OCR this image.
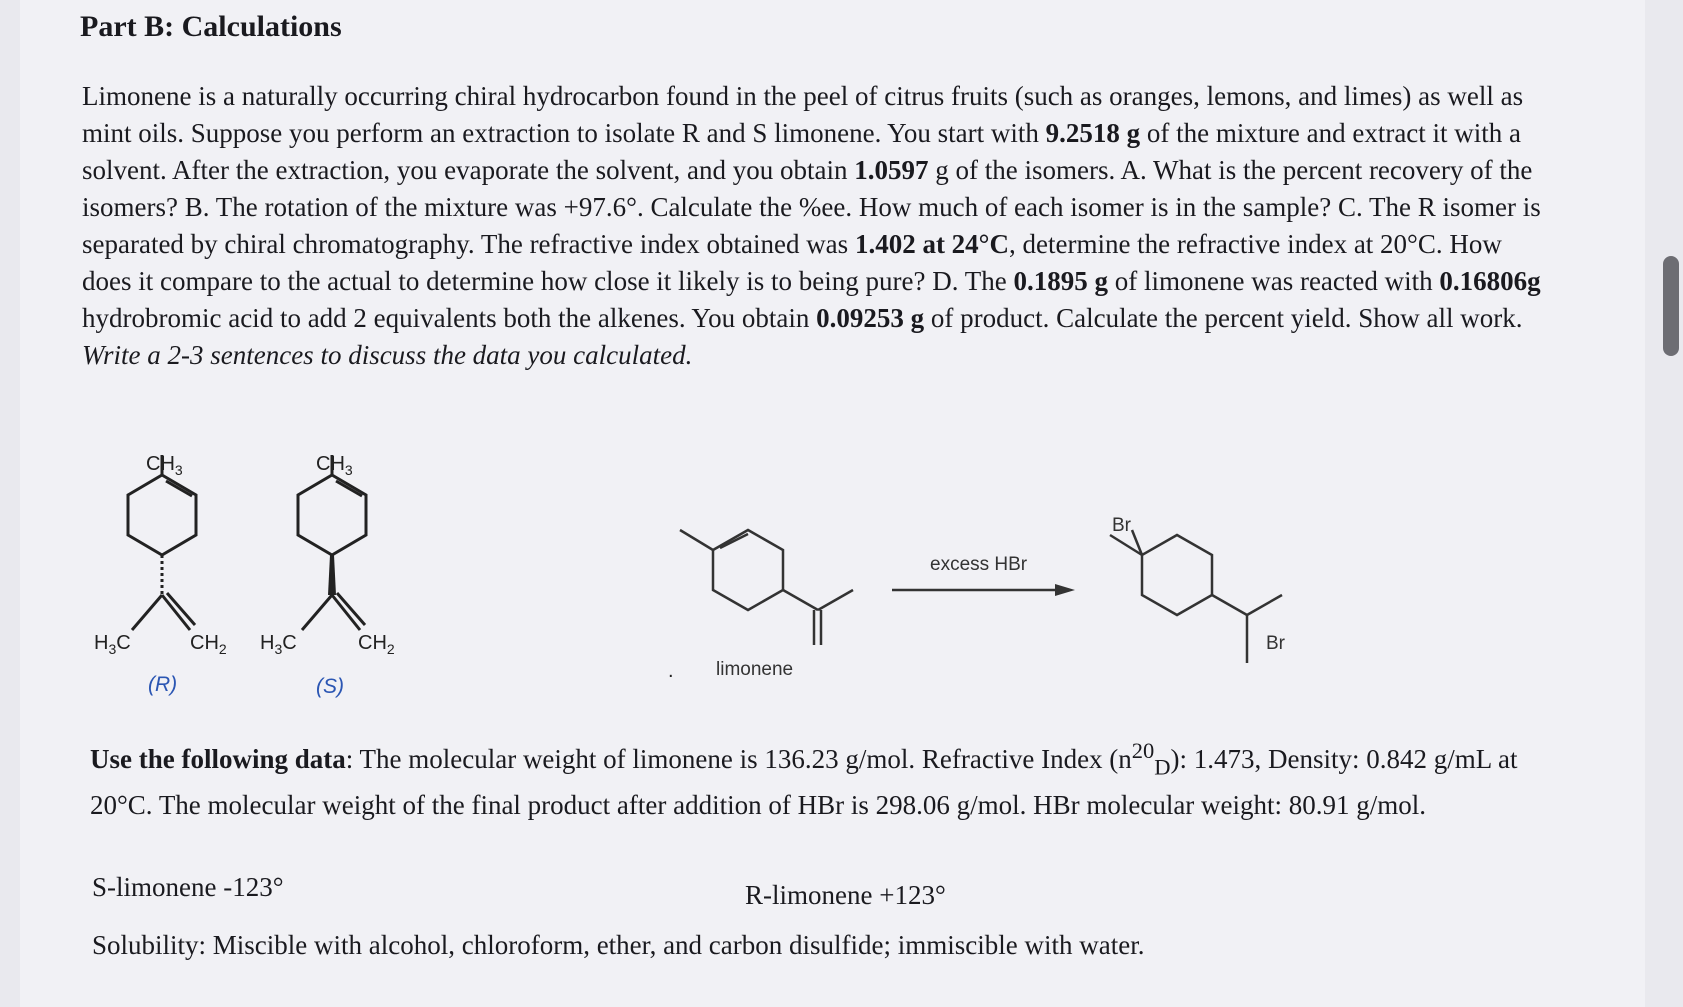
Part B: Calculations

Limonene is a naturally occurring chiral hydrocarbon found in the peel of citrus fruits (such as oranges, lemons, and limes) as well as mint oils. Suppose you perform an extraction to isolate R and S limonene. You start with 9.2518 g of the mixture and extract it with a solvent. After the extraction, you evaporate the solvent, and you obtain 1.0597 g of the isomers. A. What is the percent recovery of the isomers? B. The rotation of the mixture was +97.6°. Calculate the %ee. How much of each isomer is in the sample? C. The R isomer is separated by chiral chromatography. The refractive index obtained was 1.402 at 24°C, determine the refractive index at 20°C. How does it compare to the actual to determine how close it likely is to being pure? D. The 0.1895 g of limonene was reacted with 0.16806g hydrobromic acid to add 2 equivalents both the alkenes. You obtain 0.09253 g of product. Calculate the percent yield. Show all work. Write a 2-3 sentences to discuss the data you calculated.

$CH_3$
$H_3C$	$CH_2$
(R)
$CH_3$
$H_3C$	$CH_2$
(S)
. limonene
excess HBr
Br
Br

Use the following data: The molecular weight of limonene is 136.23 g/mol. Refractive Index $(n^{20}_D)$: 1.473, Density: 0.842 g/mL at 20°C. The molecular weight of the final product after addition of HBr is 298.06 g/mol. HBr molecular weight: 80.91 g/mol.

S-limonene -123°	R-limonene +123°

Solubility: Miscible with alcohol, chloroform, ether, and carbon disulfide; immiscible with water.
